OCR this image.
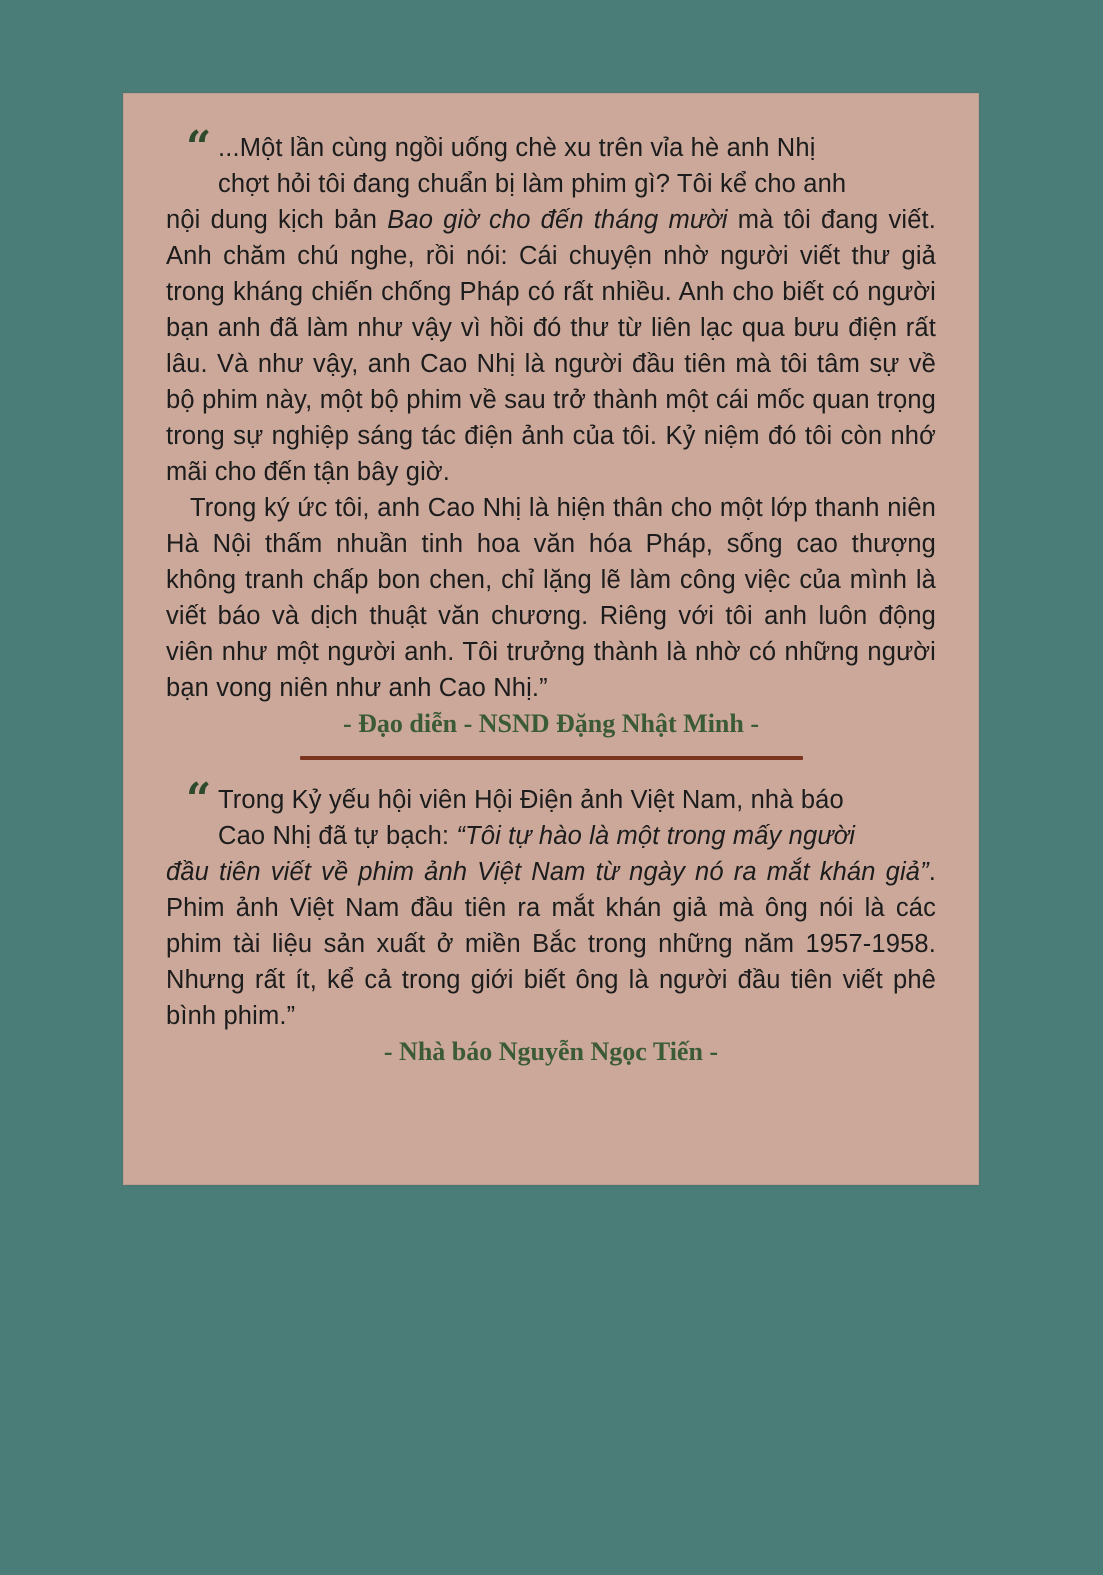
“ ...Một lần cùng ngồi uống chè xu trên vỉa hè anh Nhị

chợt hỏi tôi đang chuẩn bị làm phim gì? Tôi kể cho anh

nội dung kịch bản Bao giờ cho đến tháng mười mà tôi đang viết. Anh chăm chú nghe, rồi nói: Cái chuyện nhờ người viết thư giả trong kháng chiến chống Pháp có rất nhiều. Anh cho biết có người bạn anh đã làm như vậy vì hồi đó thư từ liên lạc qua bưu điện rất lâu. Và như vậy, anh Cao Nhị là người đầu tiên mà tôi tâm sự về bộ phim này, một bộ phim về sau trở thành một cái mốc quan trọng trong sự nghiệp sáng tác điện ảnh của tôi. Kỷ niệm đó tôi còn nhớ mãi cho đến tận bây giờ.

Trong ký ức tôi, anh Cao Nhị là hiện thân cho một lớp thanh niên Hà Nội thấm nhuần tinh hoa văn hóa Pháp, sống cao thượng không tranh chấp bon chen, chỉ lặng lẽ làm công việc của mình là viết báo và dịch thuật văn chương. Riêng với tôi anh luôn động viên như một người anh. Tôi trưởng thành là nhờ có những người bạn vong niên như anh Cao Nhị.”

- Đạo diễn - NSND Đặng Nhật Minh -
“ Trong Kỷ yếu hội viên Hội Điện ảnh Việt Nam, nhà báo

Cao Nhị đã tự bạch: “Tôi tự hào là một trong mấy người

đầu tiên viết về phim ảnh Việt Nam từ ngày nó ra mắt khán giả”. Phim ảnh Việt Nam đầu tiên ra mắt khán giả mà ông nói là các phim tài liệu sản xuất ở miền Bắc trong những năm 1957-1958. Nhưng rất ít, kể cả trong giới biết ông là người đầu tiên viết phê bình phim.”

- Nhà báo Nguyễn Ngọc Tiến -
